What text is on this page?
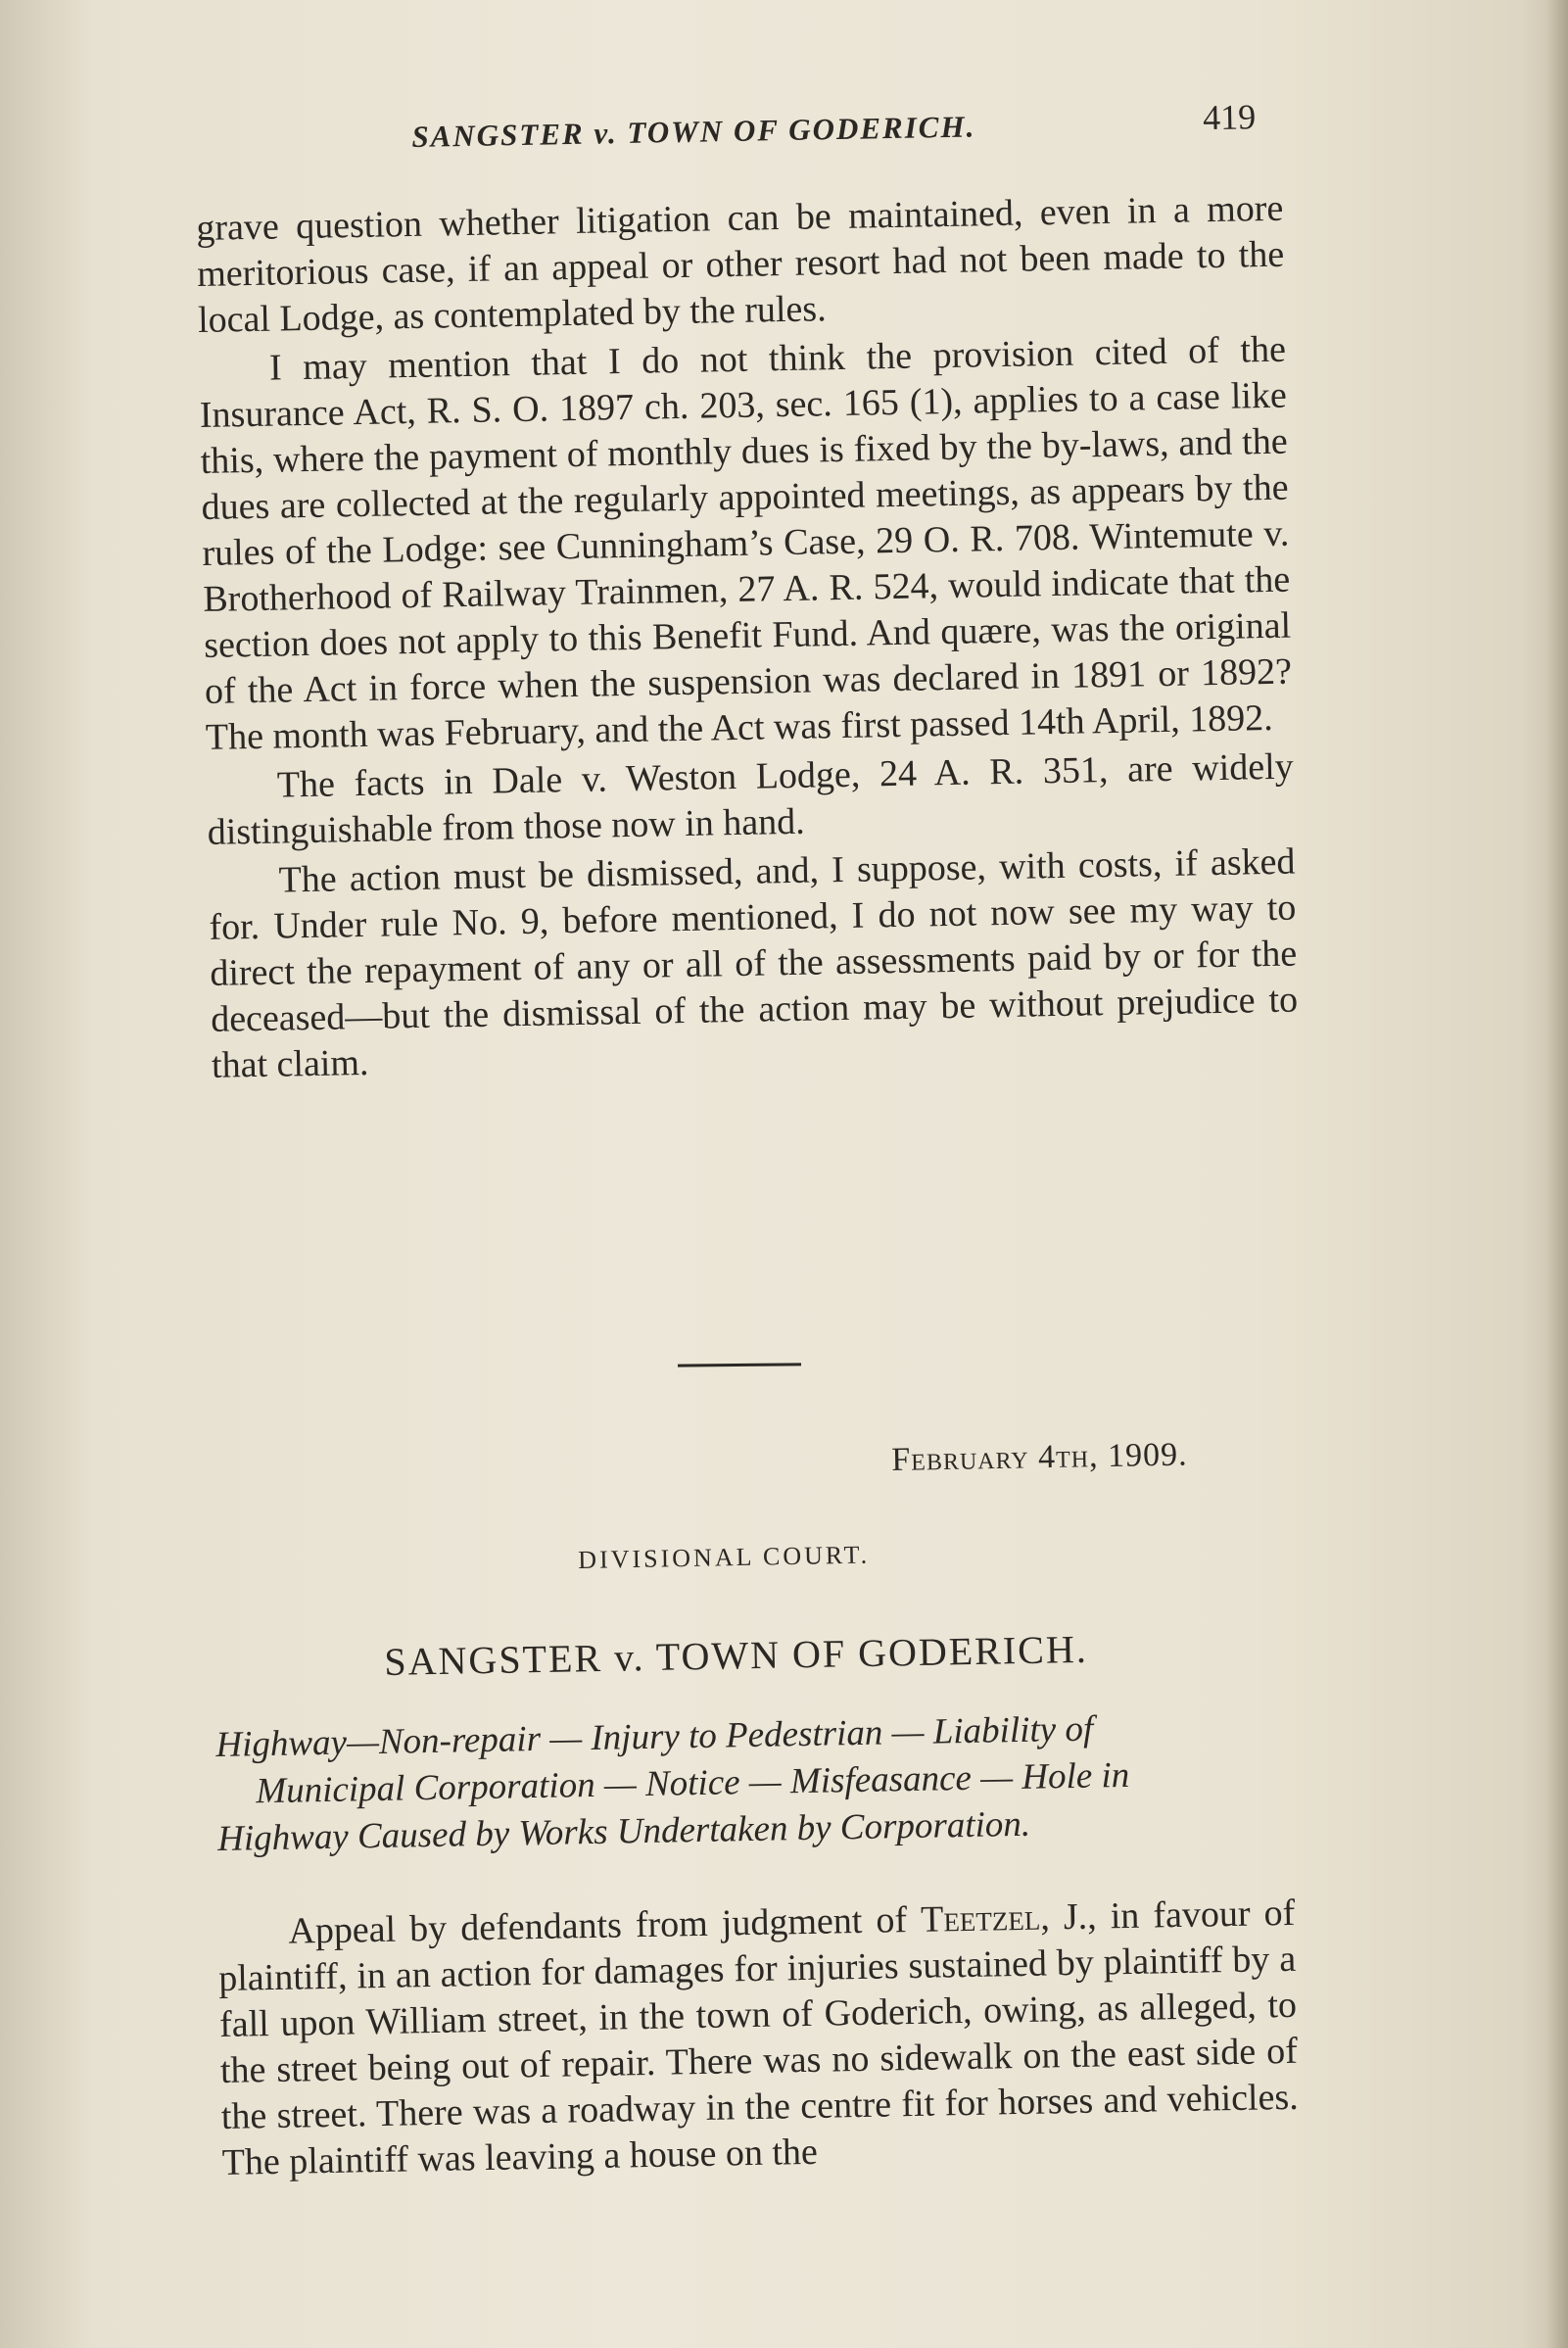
SANGSTER v. TOWN OF GODERICH.	419

grave question whether litigation can be maintained, even in a more meritorious case, if an appeal or other resort had not been made to the local Lodge, as contemplated by the rules.

I may mention that I do not think the provision cited of the Insurance Act, R. S. O. 1897 ch. 203, sec. 165 (1), applies to a case like this, where the payment of monthly dues is fixed by the by-laws, and the dues are collected at the regularly appointed meetings, as appears by the rules of the Lodge: see Cunningham’s Case, 29 O. R. 708. Wintemute v. Brotherhood of Railway Trainmen, 27 A. R. 524, would indicate that the section does not apply to this Benefit Fund. And quære, was the original of the Act in force when the suspension was declared in 1891 or 1892? The month was February, and the Act was first passed 14th April, 1892.

The facts in Dale v. Weston Lodge, 24 A. R. 351, are widely distinguishable from those now in hand.

The action must be dismissed, and, I suppose, with costs, if asked for. Under rule No. 9, before mentioned, I do not now see my way to direct the repayment of any or all of the assessments paid by or for the deceased—but the dismissal of the action may be without prejudice to that claim.

February 4th, 1909.
DIVISIONAL COURT.
SANGSTER v. TOWN OF GODERICH.

Highway—Non-repair — Injury to Pedestrian — Liability of

Municipal Corporation — Notice — Misfeasance — Hole in

Highway Caused by Works Undertaken by Corporation.

Appeal by defendants from judgment of Teetzel, J., in favour of plaintiff, in an action for damages for injuries sustained by plaintiff by a fall upon William street, in the town of Goderich, owing, as alleged, to the street being out of repair. There was no sidewalk on the east side of the street. There was a roadway in the centre fit for horses and vehicles. The plaintiff was leaving a house on the
